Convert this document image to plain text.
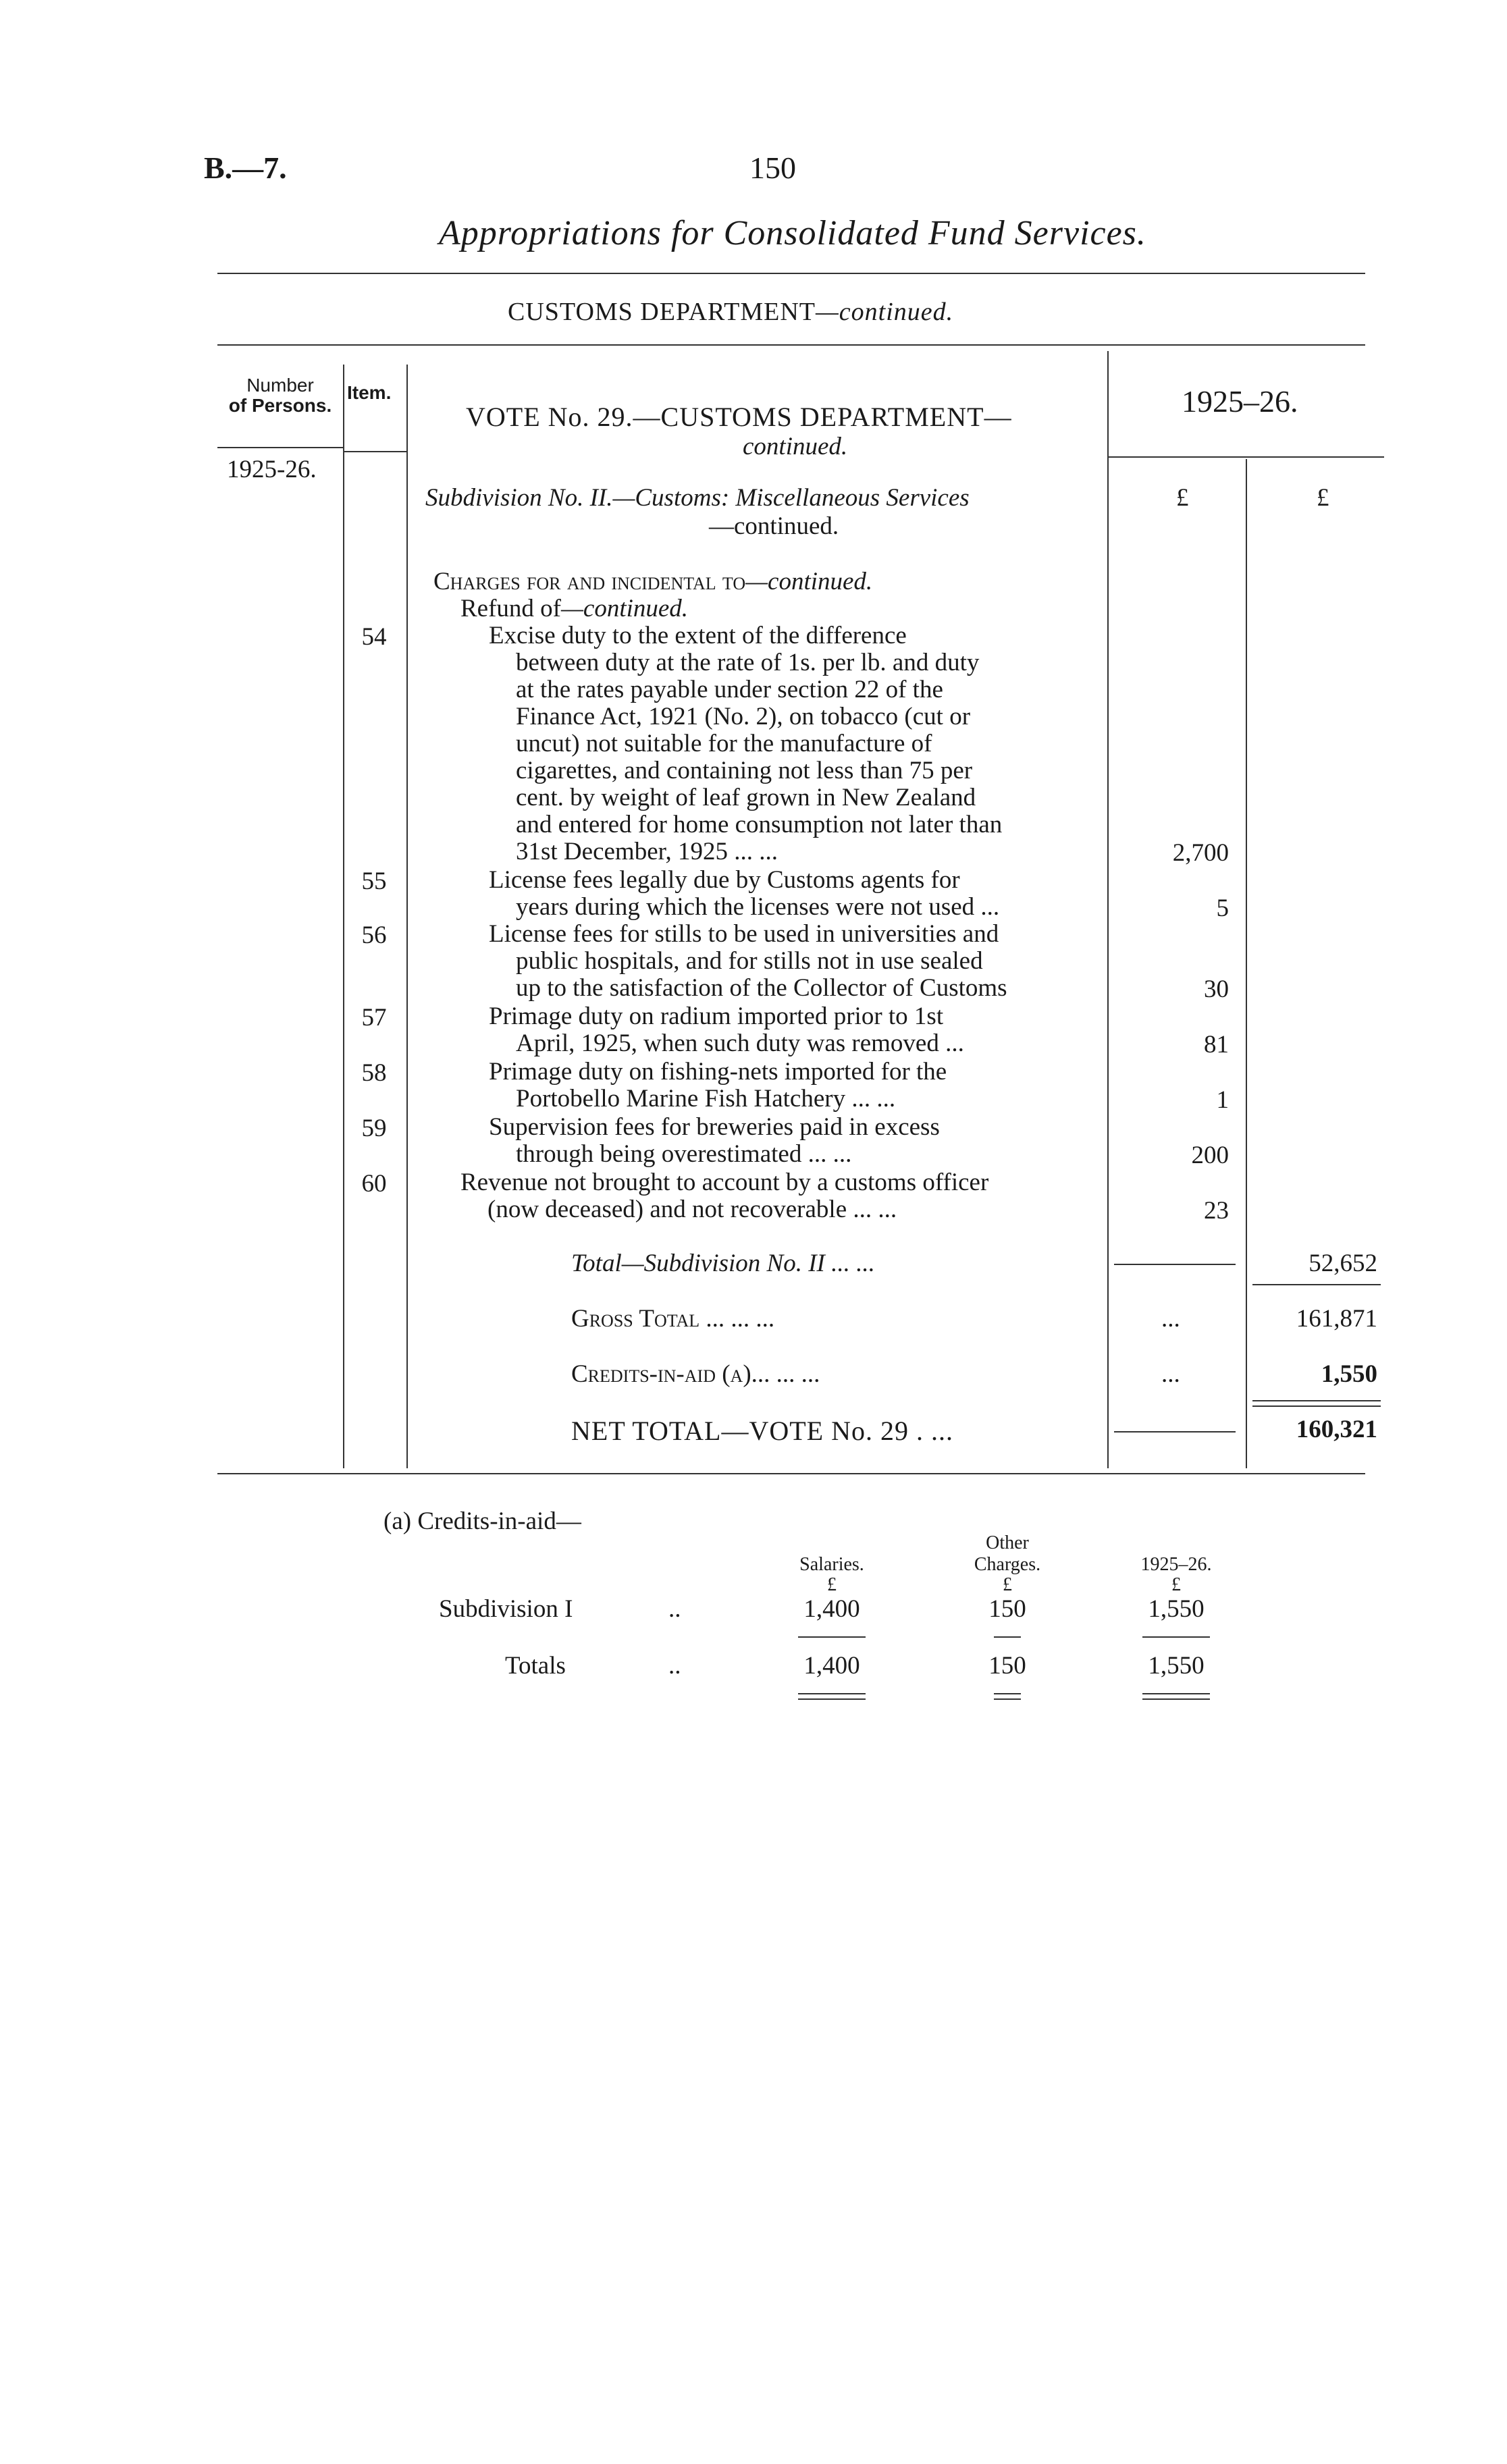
B.—7.	150
Appropriations for Consolidated Fund Services.
CUSTOMS DEPARTMENT—continued.
Number
of Persons.
Item.
VOTE No. 29.—CUSTOMS DEPARTMENT—
continued.
1925–26.
1925-26.
Subdivision No. II.—Customs: Miscellaneous Services
—continued.
£	£
Charges for and incidental to—continued.
Refund of—continued.
54	Excise duty to the extent of the difference
between duty at the rate of 1s. per lb. and duty
at the rates payable under section 22 of the
Finance Act, 1921 (No. 2), on tobacco (cut or
uncut) not suitable for the manufacture of
cigarettes, and containing not less than 75 per
cent. by weight of leaf grown in New Zealand
and entered for home consumption not later than
31st December, 1925 ... ...	2,700
55	License fees legally due by Customs agents for
years during which the licenses were not used ...	5
56	License fees for stills to be used in universities and
public hospitals, and for stills not in use sealed
up to the satisfaction of the Collector of Customs	30
57	Primage duty on radium imported prior to 1st
April, 1925, when such duty was removed ...	81
58	Primage duty on fishing-nets imported for the
Portobello Marine Fish Hatchery ... ...	1
59	Supervision fees for breweries paid in excess
through being overestimated ... ...	200
60	Revenue not brought to account by a customs officer
(now deceased) and not recoverable ... ...	23
Total—Subdivision No. II ... ...	52,652
Gross Total ... ... ...	...	161,871
Credits-in-aid (a)... ... ...	...	1,550
NET TOTAL—VOTE No. 29 . ...	160,321
(a) Credits-in-aid—
Other
Salaries.	Charges.	1925–26.
£	£	£
Subdivision I	..	1,400	150	1,550
Totals	..	1,400	150	1,550
